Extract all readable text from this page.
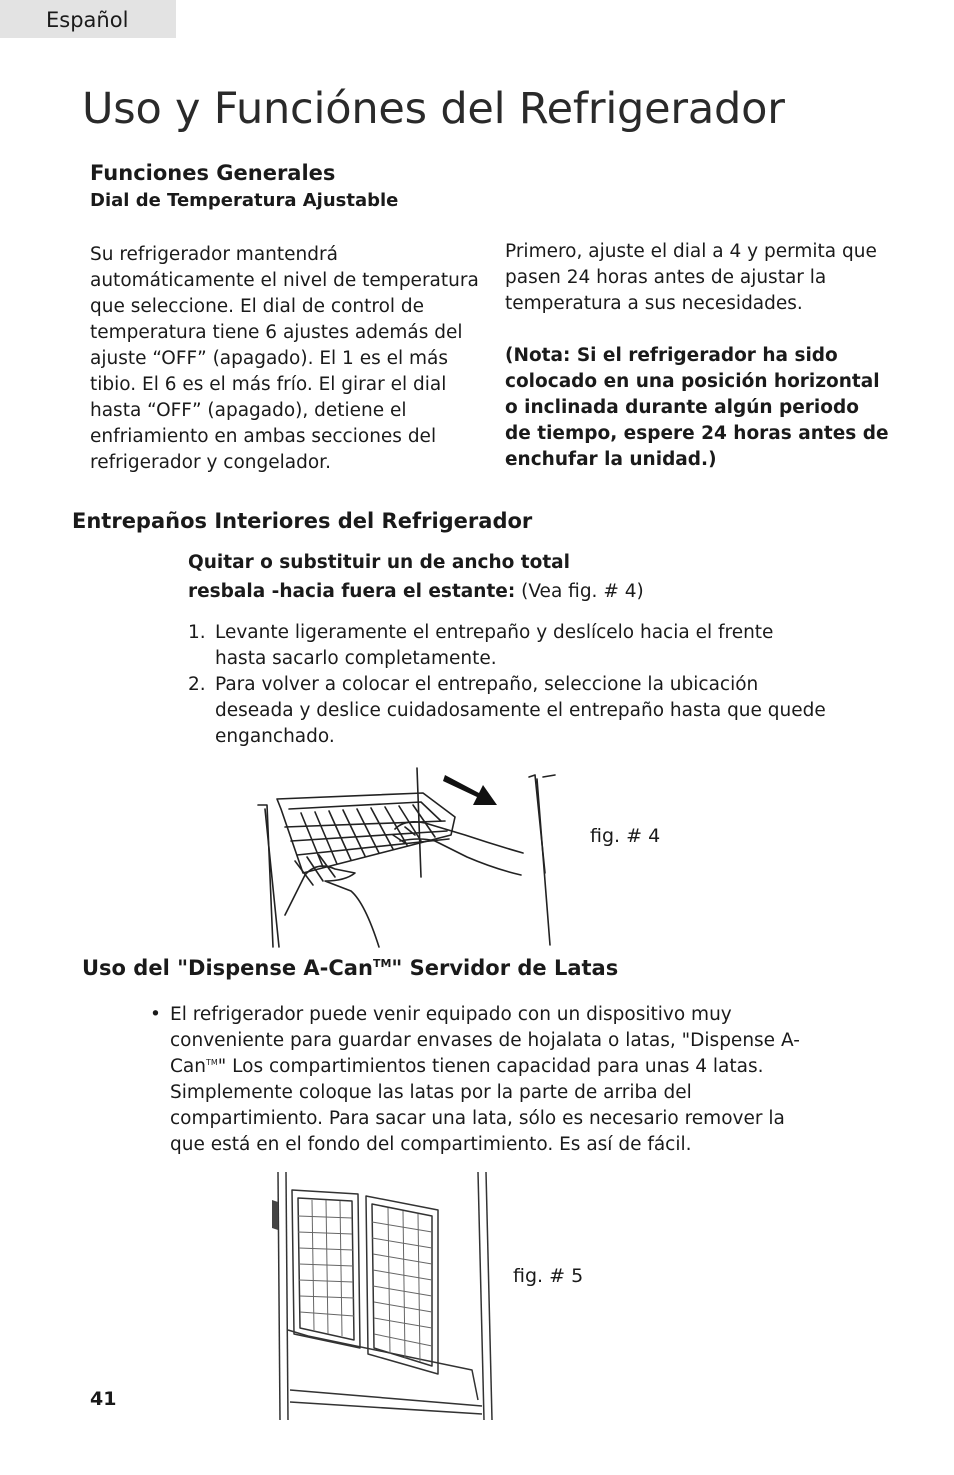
Español
Uso y Funciónes del Refrigerador
Funciones Generales
Dial de Temperatura Ajustable
Su refrigerador mantendrá automáticamente el nivel de temperatura que seleccione. El dial de control de temperatura tiene 6 ajustes además del ajuste “OFF” (apagado). El 1 es el más tibio. El 6 es el más frío. El girar el dial hasta “OFF” (apagado), detiene el enfriamiento en ambas secciones del refrigerador y congelador.
Primero, ajuste el dial a 4 y permita que pasen 24 horas antes de ajustar la temperatura a sus necesidades.
(Nota: Si el refrigerador ha sido colocado en una posición horizontal o inclinada durante algún periodo de tiempo, espere 24 horas antes de enchufar la unidad.)
Entrepaños Interiores del Refrigerador
Quitar o substituir un de ancho total
resbala -hacia fuera el estante: (Vea fig. # 4)
1. Levante ligeramente el entrepaño y deslícelo hacia el frente hasta sacarlo completamente.
2. Para volver a colocar el entrepaño, seleccione la ubicación deseada y deslice cuidadosamente el entrepaño hasta que quede enganchado.
fig. # 4
Uso del "Dispense A-Can™" Servidor de Latas
• El refrigerador puede venir equipado con un dispositivo muy conveniente para guardar envases de hojalata o latas, "Dispense A-Can™" Los compartimientos tienen capacidad para unas 4 latas. Simplemente coloque las latas por la parte de arriba del compartimiento. Para sacar una lata, sólo es necesario remover la que está en el fondo del compartimiento. Es así de fácil.
fig. # 5
41
